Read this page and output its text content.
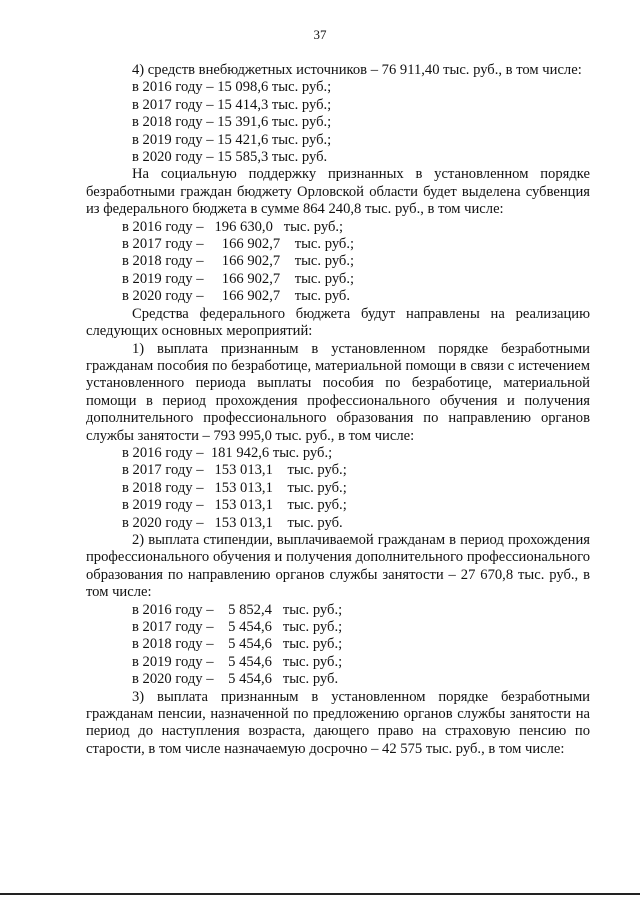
37

4) средств внебюджетных источников – 76 911,40 тыс. руб., в том числе:

в 2016 году – 15 098,6 тыс. руб.;
в 2017 году – 15 414,3 тыс. руб.;
в 2018 году – 15 391,6 тыс. руб.;
в 2019 году – 15 421,6 тыс. руб.;
в 2020 году – 15 585,3 тыс. руб.

На социальную поддержку признанных в установленном порядке безработными граждан бюджету Орловской области будет выделена субвенция из федерального бюджета в сумме 864 240,8 тыс. руб., в том числе:

в 2016 году –   196 630,0   тыс. руб.;
в 2017 году –     166 902,7    тыс. руб.;
в 2018 году –     166 902,7    тыс. руб.;
в 2019 году –     166 902,7    тыс. руб.;
в 2020 году –     166 902,7    тыс. руб.

Средства федерального бюджета будут направлены на реализацию следующих основных мероприятий:

1) выплата признанным в установленном порядке безработными гражданам пособия по безработице, материальной помощи в связи с истечением установленного периода выплаты пособия по безработице, материальной помощи в период прохождения профессионального обучения и получения дополнительного профессионального образования по направлению органов службы занятости – 793 995,0 тыс. руб., в том числе:

в 2016 году –  181 942,6 тыс. руб.;
в 2017 году –   153 013,1    тыс. руб.;
в 2018 году –   153 013,1    тыс. руб.;
в 2019 году –   153 013,1    тыс. руб.;
в 2020 году –   153 013,1    тыс. руб.

2) выплата стипендии, выплачиваемой гражданам в период прохождения профессионального обучения и получения дополнительного профессионального образования по направлению органов службы занятости – 27 670,8 тыс. руб., в том числе:

в 2016 году –    5 852,4   тыс. руб.;
в 2017 году –    5 454,6   тыс. руб.;
в 2018 году –    5 454,6   тыс. руб.;
в 2019 году –    5 454,6   тыс. руб.;
в 2020 году –    5 454,6   тыс. руб.

3) выплата признанным в установленном порядке безработными гражданам пенсии, назначенной по предложению органов службы занятости на период до наступления возраста, дающего право на страховую пенсию по старости, в том числе назначаемую досрочно – 42 575 тыс. руб., в том числе:
